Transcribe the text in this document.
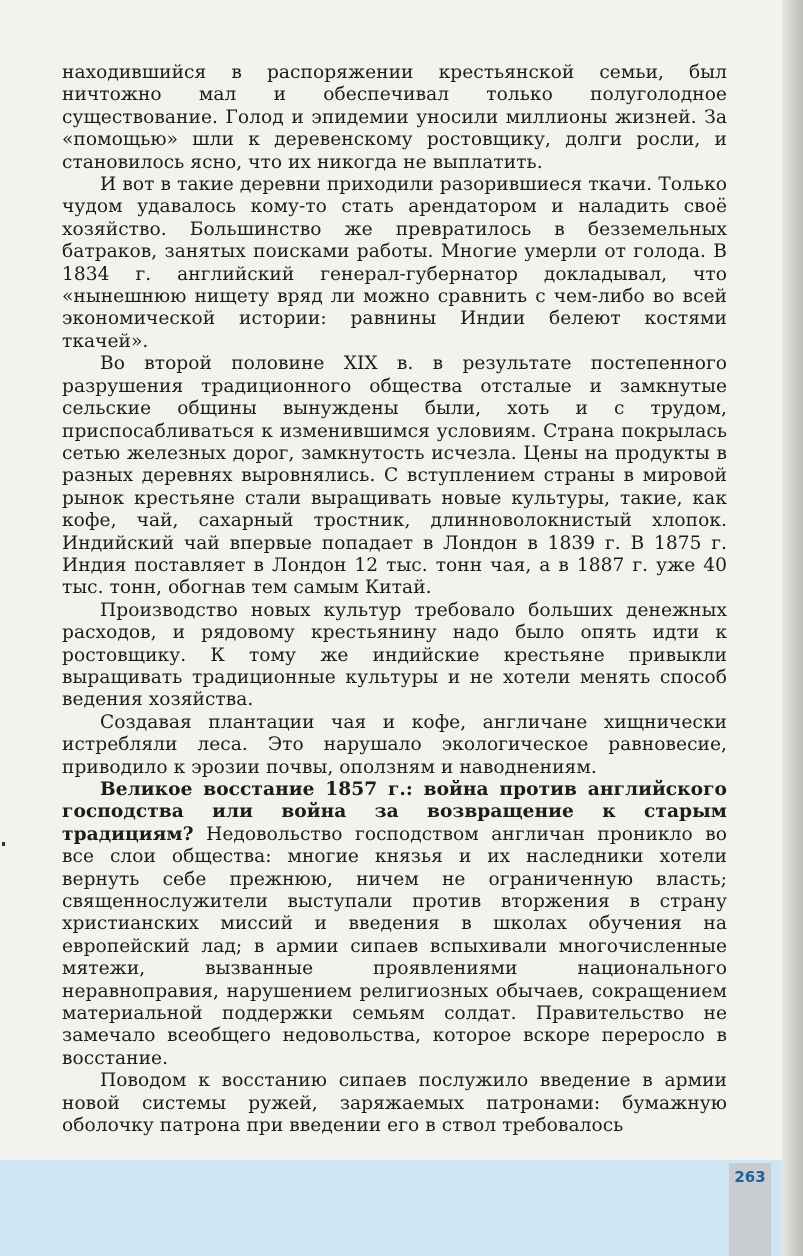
находившийся в распоряжении крестьянской семьи, был ничтожно мал и обеспечивал только полуголодное существование. Голод и эпидемии уносили миллионы жизней. За «помощью» шли к деревенскому ростовщику, долги росли, и становилось ясно, что их никогда не выплатить.

И вот в такие деревни приходили разорившиеся ткачи. Только чудом удавалось кому-то стать арендатором и наладить своё хозяйство. Большинство же превратилось в безземельных батраков, занятых поисками работы. Многие умерли от голода. В 1834 г. английский генерал-губернатор докладывал, что «нынешнюю нищету вряд ли можно сравнить с чем-либо во всей экономической истории: равнины Индии белеют костями ткачей».

Во второй половине XIX в. в результате постепенного разрушения традиционного общества отсталые и замкнутые сельские общины вынуждены были, хоть и с трудом, приспосабливаться к изменившимся условиям. Страна покрылась сетью железных дорог, замкнутость исчезла. Цены на продукты в разных деревнях выровнялись. С вступлением страны в мировой рынок крестьяне стали выращивать новые культуры, такие, как кофе, чай, сахарный тростник, длинноволокнистый хлопок. Индийский чай впервые попадает в Лондон в 1839 г. В 1875 г. Индия поставляет в Лондон 12 тыс. тонн чая, а в 1887 г. уже 40 тыс. тонн, обогнав тем самым Китай.

Производство новых культур требовало больших денежных расходов, и рядовому крестьянину надо было опять идти к ростовщику. К тому же индийские крестьяне привыкли выращивать традиционные культуры и не хотели менять способ ведения хозяйства.

Создавая плантации чая и кофе, англичане хищнически истребляли леса. Это нарушало экологическое равновесие, приводило к эрозии почвы, оползням и наводнениям.

Великое восстание 1857 г.: война против английского господства или война за возвращение к старым традициям? Недовольство господством англичан проникло во все слои общества: многие князья и их наследники хотели вернуть себе прежнюю, ничем не ограниченную власть; священнослужители выступали против вторжения в страну христианских миссий и введения в школах обучения на европейский лад; в армии сипаев вспыхивали многочисленные мятежи, вызванные проявлениями национального неравноправия, нарушением религиозных обычаев, сокращением материальной поддержки семьям солдат. Правительство не замечало всеобщего недовольства, которое вскоре переросло в восстание.

Поводом к восстанию сипаев послужило введение в армии новой системы ружей, заряжаемых патронами: бумажную оболочку патрона при введении его в ствол требовалось

263
